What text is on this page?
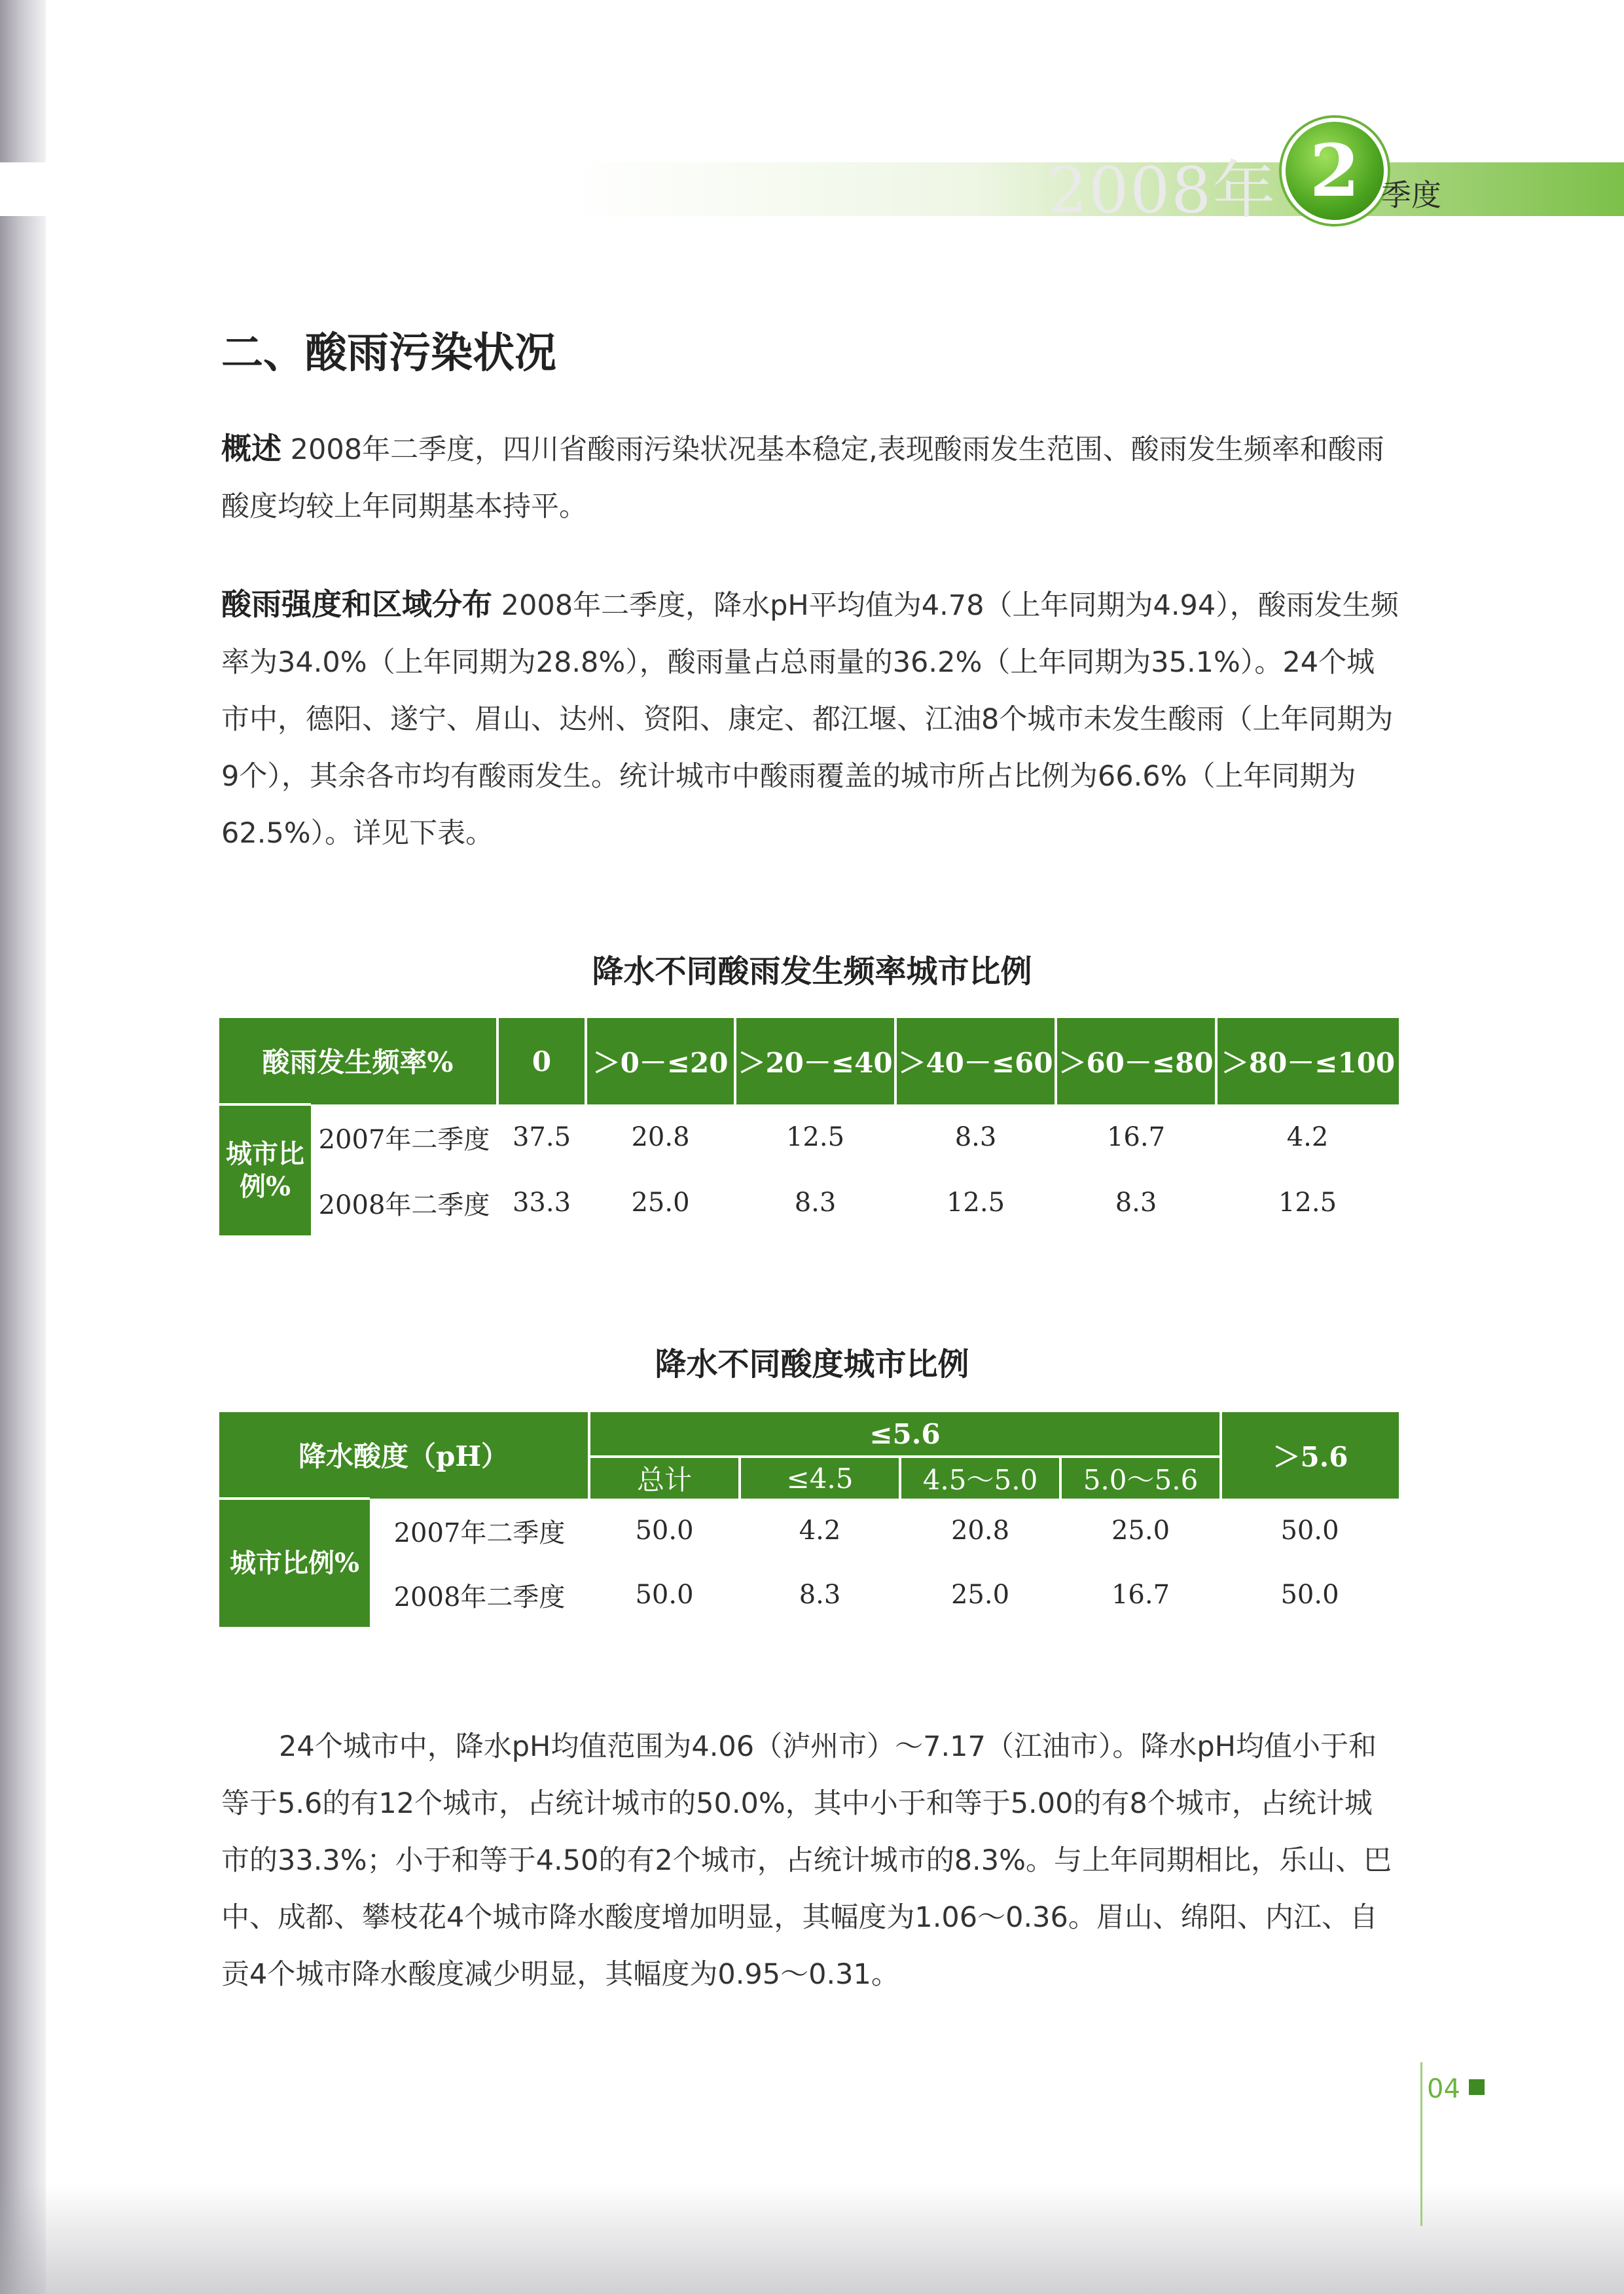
2008年 2 季度
二、酸雨污染状况
概述 2008年二季度，四川省酸雨污染状况基本稳定,表现酸雨发生范围、酸雨发生频率和酸雨酸度均较上年同期基本持平。
酸雨强度和区域分布 2008年二季度，降水pH平均值为4.78（上年同期为4.94），酸雨发生频率为34.0%（上年同期为28.8%），酸雨量占总雨量的36.2%（上年同期为35.1%）。24个城市中，德阳、遂宁、眉山、达州、资阳、康定、都江堰、江油8个城市未发生酸雨（上年同期为9个），其余各市均有酸雨发生。统计城市中酸雨覆盖的城市所占比例为66.6%（上年同期为62.5%）。详见下表。
降水不同酸雨发生频率城市比例
酸雨发生频率%		0	＞0－≤20	＞20－≤40	＞40－≤60	＞60－≤80	＞80－≤100
城市比例%	2007年二季度	37.5	20.8	12.5	8.3	16.7	4.2
	2008年二季度	33.3	25.0	8.3	12.5	8.3	12.5
降水不同酸度城市比例
降水酸度（pH）		≤5.6				＞5.6
		总计	≤4.5	4.5～5.0	5.0～5.6	
城市比例%	2007年二季度	50.0	4.2	20.8	25.0	50.0
	2008年二季度	50.0	8.3	25.0	16.7	50.0
24个城市中，降水pH均值范围为4.06（泸州市）～7.17（江油市）。降水pH均值小于和等于5.6的有12个城市，占统计城市的50.0%，其中小于和等于5.00的有8个城市，占统计城市的33.3%；小于和等于4.50的有2个城市，占统计城市的8.3%。与上年同期相比，乐山、巴中、成都、攀枝花4个城市降水酸度增加明显，其幅度为1.06～0.36。眉山、绵阳、内江、自贡4个城市降水酸度减少明显，其幅度为0.95～0.31。
04
